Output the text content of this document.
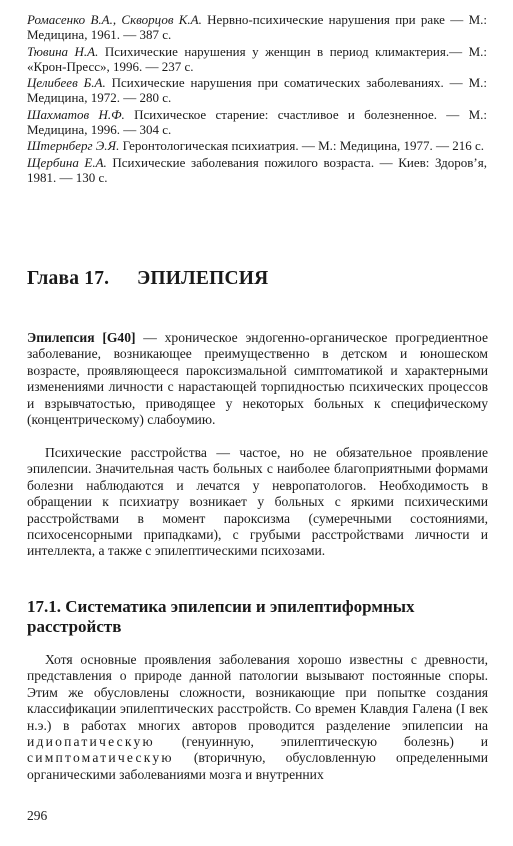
Ромасенко В.А., Скворцов К.А. Нервно-психические нарушения при раке — М.: Медицина, 1961. — 387 с.

Тювина Н.А. Психические нарушения у женщин в период климактерия.— М.: «Крон-Пресс», 1996. — 237 с.

Целибеев Б.А. Психические нарушения при соматических заболеваниях. — М.: Медицина, 1972. — 280 с.

Шахматов Н.Ф. Психическое старение: счастливое и болезненное. — М.: Медицина, 1996. — 304 с.

Штернберг Э.Я. Геронтологическая психиатрия. — М.: Медицина, 1977. — 216 с.

Щербина Е.А. Психические заболевания пожилого возраста. — Киев: Здоровʼя, 1981. — 130 с.

Глава 17. ЭПИЛЕПСИЯ

Эпилепсия [G40] — хроническое эндогенно-органическое прогредиентное заболевание, возникающее преимущественно в детском и юношеском возрасте, проявляющееся пароксизмальной симптоматикой и характерными изменениями личности с нарастающей торпидностью психических процессов и взрывчатостью, приводящее у некоторых больных к специфическому (концентрическому) слабоумию.

Психические расстройства — частое, но не обязательное проявление эпилепсии. Значительная часть больных с наиболее благоприятными формами болезни наблюдаются и лечатся у невропатологов. Необходимость в обращении к психиатру возникает у больных с яркими психическими расстройствами в момент пароксизма (сумеречными состояниями, психосенсорными припадками), с грубыми расстройствами личности и интеллекта, а также с эпилептическими психозами.

17.1. Систематика эпилепсии и эпилептиформных расстройств

Хотя основные проявления заболевания хорошо известны с древности, представления о природе данной патологии вызывают постоянные споры. Этим же обусловлены сложности, возникающие при попытке создания классификации эпилептических расстройств. Со времен Клавдия Галена (I век н.э.) в работах многих авторов проводится разделение эпилепсии на идиопатическую (генуинную, эпилептическую болезнь) и симптоматическую (вторичную, обусловленную определенными органическими заболеваниями мозга и внутренних

296
